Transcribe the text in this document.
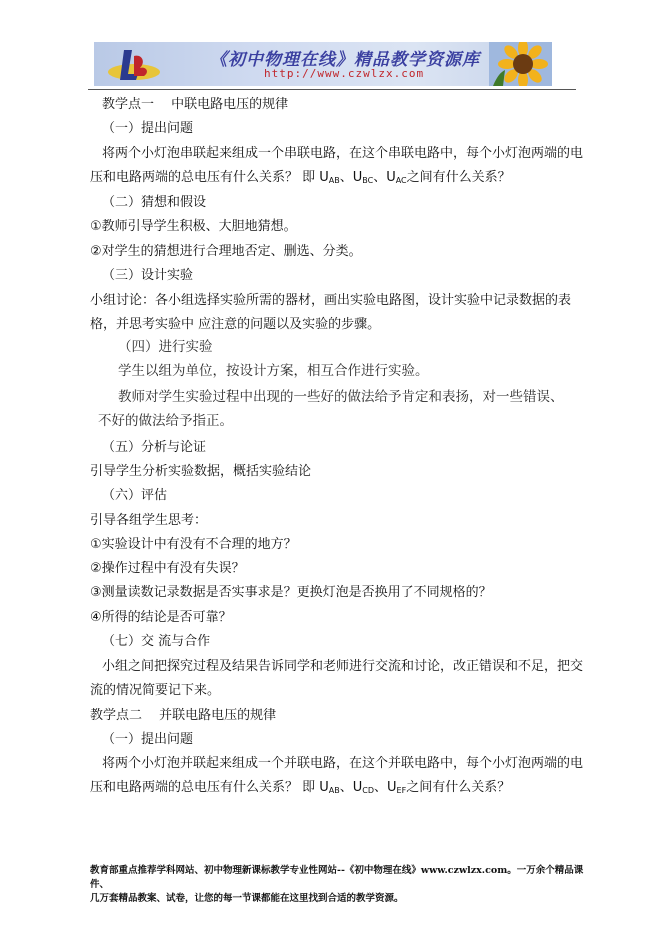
《初中物理在线》精品教学资源库
http://www.czwlzx.com
教学点一　 中联电路电压的规律
（一）提出问题
将两个小灯泡串联起来组成一个串联电路，在这个串联电路中，每个小灯泡两端的电
压和电路两端的总电压有什么关系？ 即 $U_{AB}$、$U_{BC}$、$U_{AC}$之间有什么关系？
（二）猜想和假设
①教师引导学生积极、大胆地猜想。
②对学生的猜想进行合理地否定、删选、分类。
（三）设计实验
小组讨论：各小组选择实验所需的器材，画出实验电路图，设计实验中记录数据的表
格，并思考实验中 应注意的问题以及实验的步骤。
（四）进行实验
学生以组为单位，按设计方案，相互合作进行实验。
教师对学生实验过程中出现的一些好的做法给予肯定和表扬，对一些错误、
不好的做法给予指正。
（五）分析与论证
引导学生分析实验数据，概括实验结论
（六）评估
引导各组学生思考：
①实验设计中有没有不合理的地方？
②操作过程中有没有失误？
③测量读数记录数据是否实事求是？更换灯泡是否换用了不同规格的？
④所得的结论是否可靠？
（七）交 流与合作
小组之间把探究过程及结果告诉同学和老师进行交流和讨论，改正错误和不足，把交
流的情况简要记下来。
教学点二　 并联电路电压的规律
（一）提出问题
将两个小灯泡并联起来组成一个并联电路，在这个并联电路中，每个小灯泡两端的电
压和电路两端的总电压有什么关系？ 即 $U_{AB}$、$U_{CD}$、$U_{EF}$之间有什么关系？
教育部重点推荐学科网站、初中物理新课标教学专业性网站--《初中物理在线》www.czwlzx.com。一万余个精品课件、
几万套精品教案、试卷，让您的每一节课都能在这里找到合适的教学资源。
